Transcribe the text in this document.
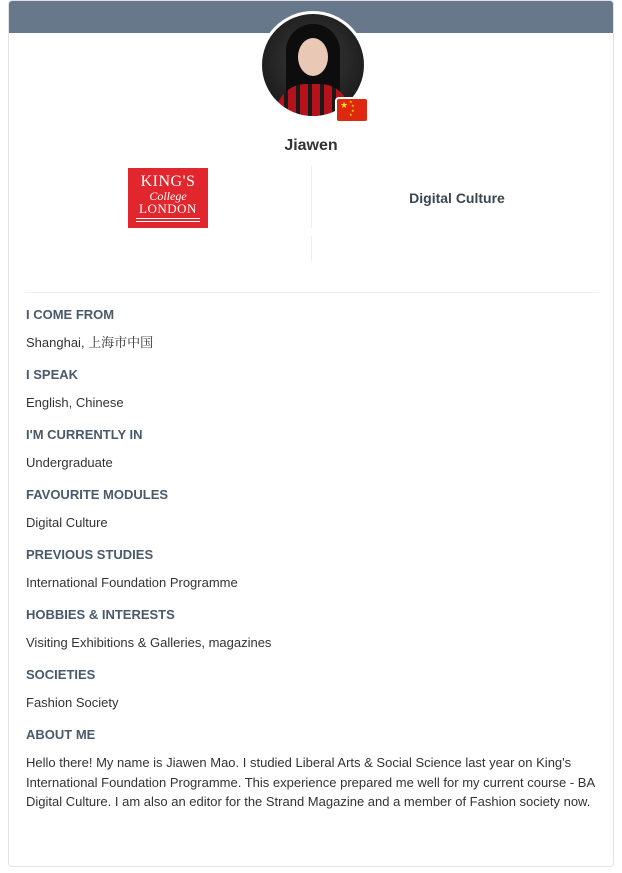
★ ★
★
★
★
Jiawen
KING'S
College
LONDON
Digital Culture
I COME FROM
Shanghai, 上海市中国
I SPEAK
English, Chinese
I'M CURRENTLY IN
Undergraduate
FAVOURITE MODULES
Digital Culture
PREVIOUS STUDIES
International Foundation Programme
HOBBIES & INTERESTS
Visiting Exhibitions & Galleries, magazines
SOCIETIES
Fashion Society
ABOUT ME
Hello there! My name is Jiawen Mao. I studied Liberal Arts & Social Science last year on King's International Foundation Programme. This experience prepared me well for my current course - BA Digital Culture. I am also an editor for the Strand Magazine and a member of Fashion society now.
